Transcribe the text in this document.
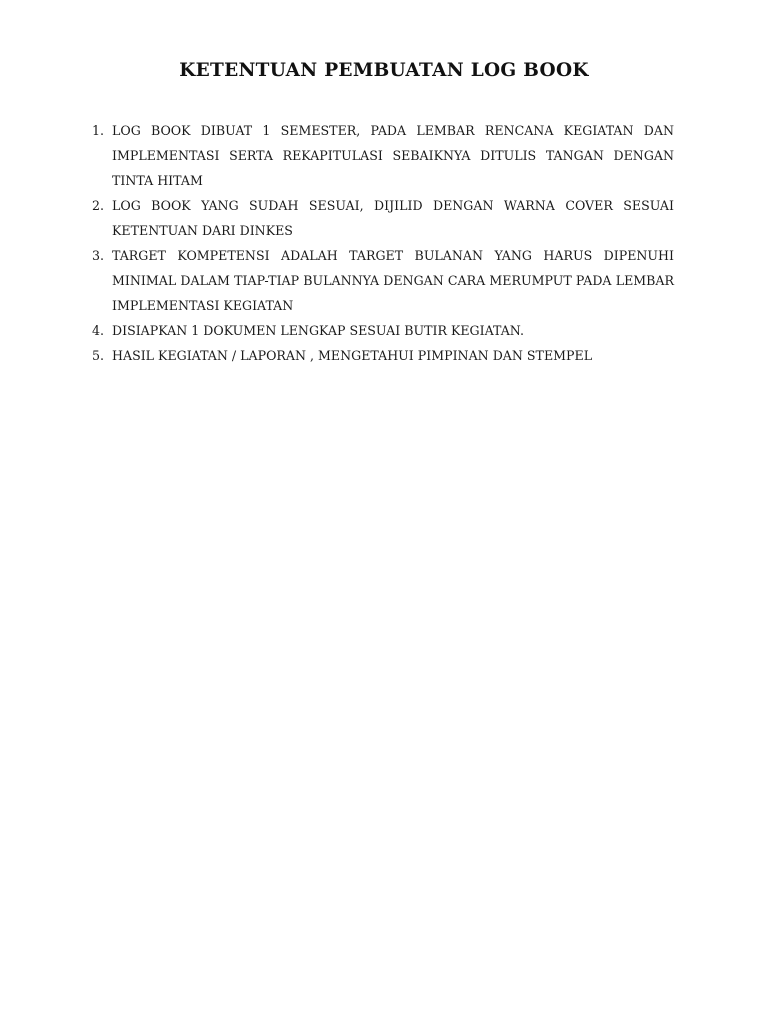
KETENTUAN PEMBUATAN LOG BOOK
1. LOG BOOK DIBUAT 1 SEMESTER, PADA LEMBAR RENCANA KEGIATAN DAN IMPLEMENTASI SERTA REKAPITULASI SEBAIKNYA DITULIS TANGAN DENGAN TINTA HITAM
2. LOG BOOK YANG SUDAH SESUAI, DIJILID DENGAN WARNA COVER SESUAI KETENTUAN DARI DINKES
3. TARGET KOMPETENSI ADALAH TARGET BULANAN YANG HARUS DIPENUHI MINIMAL DALAM TIAP-TIAP BULANNYA DENGAN CARA MERUMPUT PADA LEMBAR IMPLEMENTASI KEGIATAN
4. DISIAPKAN 1 DOKUMEN LENGKAP SESUAI BUTIR KEGIATAN.
5. HASIL KEGIATAN / LAPORAN , MENGETAHUI PIMPINAN DAN STEMPEL
